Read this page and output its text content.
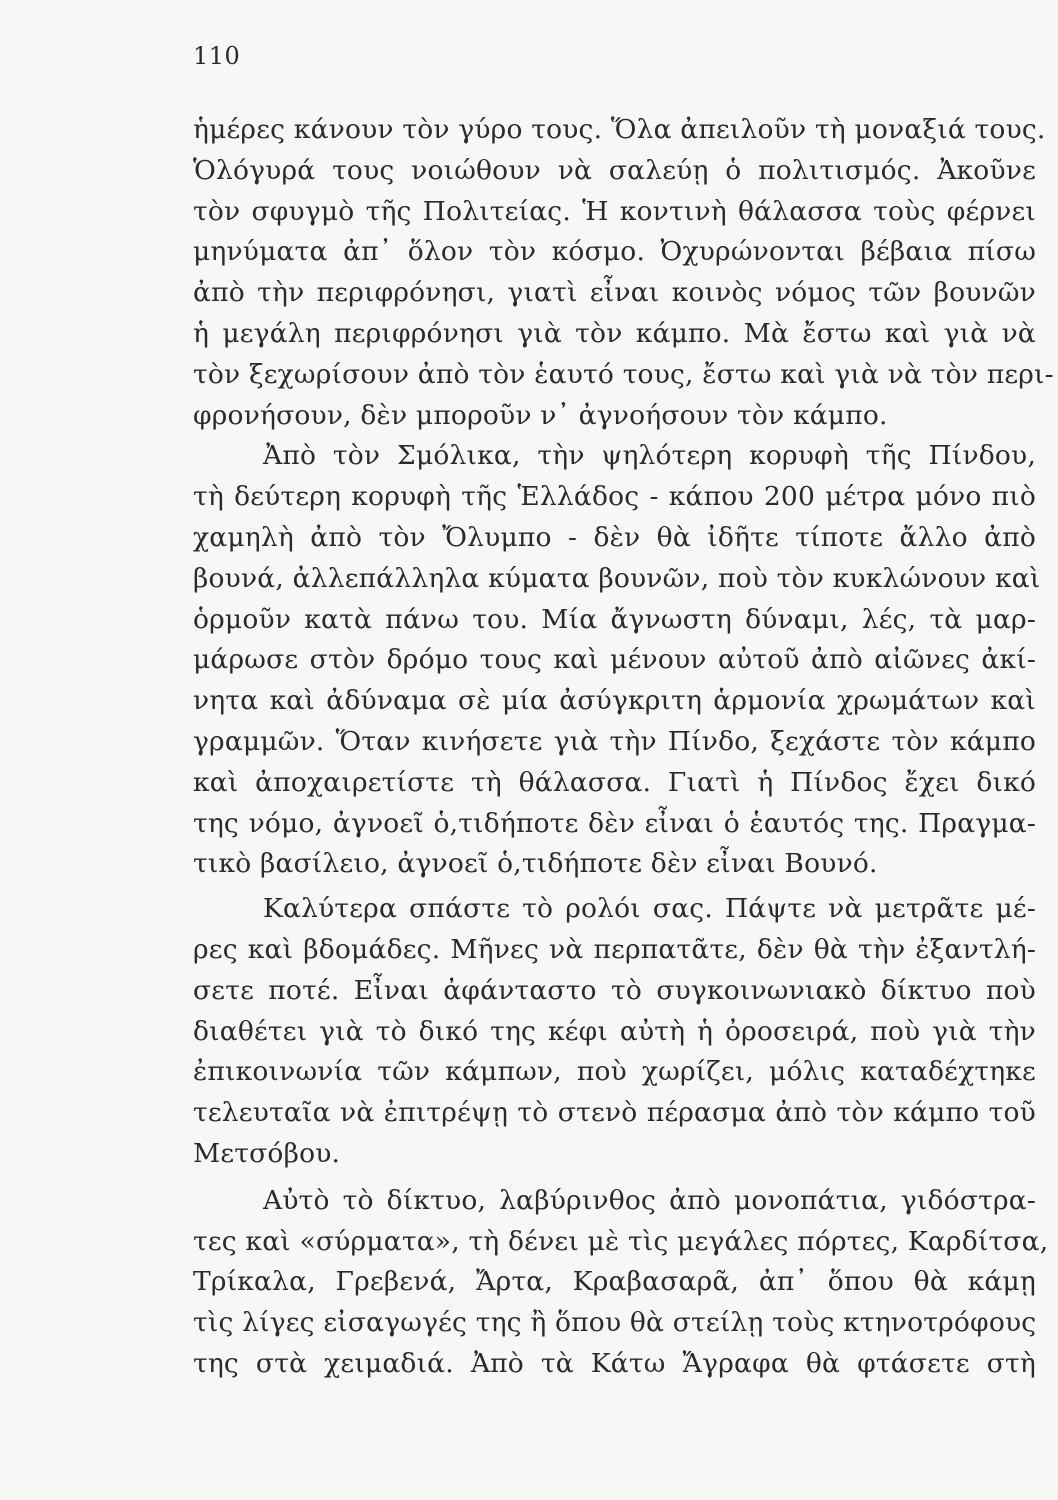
110
ἡμέρες κάνουν τὸν γύρο τους. Ὅλα ἀπειλοῦν τὴ μοναξιά τους.
Ὁλόγυρά τους νοιώθουν νὰ σαλεύῃ ὁ πολιτισμός. Ἀκοῦνε
τὸν σφυγμὸ τῆς Πολιτείας. Ἡ κοντινὴ θάλασσα τοὺς φέρνει
μηνύματα ἀπ᾽ ὅλον τὸν κόσμο. Ὀχυρώνονται βέβαια πίσω
ἀπὸ τὴν περιφρόνησι, γιατὶ εἶναι κοινὸς νόμος τῶν βουνῶν
ἡ μεγάλη περιφρόνησι γιὰ τὸν κάμπο. Μὰ ἔστω καὶ γιὰ νὰ
τὸν ξεχωρίσουν ἀπὸ τὸν ἑαυτό τους, ἔστω καὶ γιὰ νὰ τὸν περι-
φρονήσουν, δὲν μποροῦν ν᾽ ἀγνοήσουν τὸν κάμπο.
Ἀπὸ τὸν Σμόλικα, τὴν ψηλότερη κορυφὴ τῆς Πίνδου,
τὴ δεύτερη κορυφὴ τῆς Ἑλλάδος - κάπου 200 μέτρα μόνο πιὸ
χαμηλὴ ἀπὸ τὸν Ὄλυμπο - δὲν θὰ ἰδῆτε τίποτε ἄλλο ἀπὸ
βουνά, ἀλλεπάλληλα κύματα βουνῶν, ποὺ τὸν κυκλώνουν καὶ
ὁρμοῦν κατὰ πάνω του. Μία ἄγνωστη δύναμι, λές, τὰ μαρ-
μάρωσε στὸν δρόμο τους καὶ μένουν αὐτοῦ ἀπὸ αἰῶνες ἀκί-
νητα καὶ ἀδύναμα σὲ μία ἀσύγκριτη ἁρμονία χρωμάτων καὶ
γραμμῶν. Ὅταν κινήσετε γιὰ τὴν Πίνδο, ξεχάστε τὸν κάμπο
καὶ ἀποχαιρετίστε τὴ θάλασσα. Γιατὶ ἡ Πίνδος ἔχει δικό
της νόμο, ἀγνοεῖ ὁ,τιδήποτε δὲν εἶναι ὁ ἑαυτός της. Πραγμα-
τικὸ βασίλειο, ἀγνοεῖ ὁ,τιδήποτε δὲν εἶναι Βουνό.
Καλύτερα σπάστε τὸ ρολόι σας. Πάψτε νὰ μετρᾶτε μέ-
ρες καὶ βδομάδες. Μῆνες νὰ περπατᾶτε, δὲν θὰ τὴν ἐξαντλή-
σετε ποτέ. Εἶναι ἀφάνταστο τὸ συγκοινωνιακὸ δίκτυο ποὺ
διαθέτει γιὰ τὸ δικό της κέφι αὐτὴ ἡ ὀροσειρά, ποὺ γιὰ τὴν
ἐπικοινωνία τῶν κάμπων, ποὺ χωρίζει, μόλις καταδέχτηκε
τελευταῖα νὰ ἐπιτρέψῃ τὸ στενὸ πέρασμα ἀπὸ τὸν κάμπο τοῦ
Μετσόβου.
Αὐτὸ τὸ δίκτυο, λαβύρινθος ἀπὸ μονοπάτια, γιδόστρα-
τες καὶ «σύρματα», τὴ δένει μὲ τὶς μεγάλες πόρτες, Καρδίτσα,
Τρίκαλα, Γρεβενά, Ἄρτα, Κραβασαρᾶ, ἀπ᾽ ὅπου θὰ κάμῃ
τὶς λίγες εἰσαγωγές της ἢ ὅπου θὰ στείλῃ τοὺς κτηνοτρόφους
της στὰ χειμαδιά. Ἀπὸ τὰ Κάτω Ἄγραφα θὰ φτάσετε στὴ
